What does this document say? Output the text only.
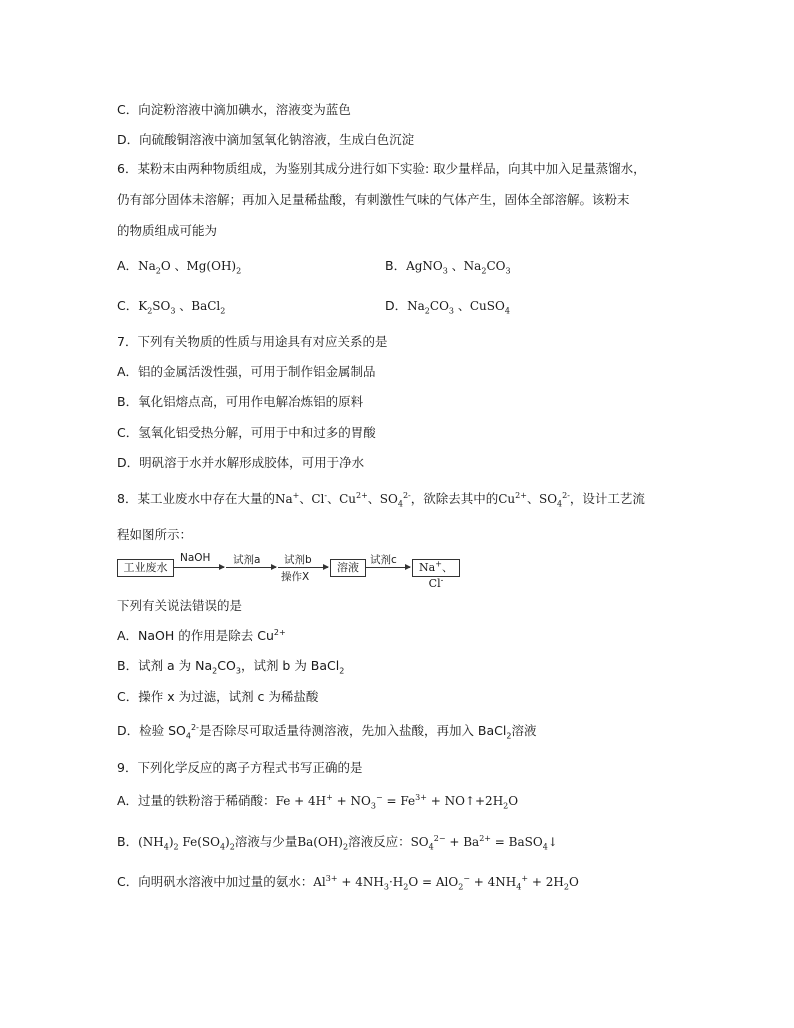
C．向淀粉溶液中滴加碘水，溶液变为蓝色
D．向硫酸铜溶液中滴加氢氧化钠溶液，生成白色沉淀
6．某粉末由两种物质组成，为鉴别其成分进行如下实验: 取少量样品，向其中加入足量蒸馏水，
仍有部分固体未溶解；再加入足量稀盐酸，有刺激性气味的气体产生，固体全部溶解。该粉末
的物质组成可能为
A．$Na_2O$ 、$Mg(OH)_2$	B．AgNO$_3$ 、$Na_2CO_3$
C．$K_2SO_3$ 、BaCl$_2$	D．$Na_2CO_3$ 、CuSO$_4$
7．下列有关物质的性质与用途具有对应关系的是
A．铝的金属活泼性强，可用于制作铝金属制品
B．氧化铝熔点高，可用作电解冶炼铝的原料
C．氢氧化铝受热分解，可用于中和过多的胃酸
D．明矾溶于水并水解形成胶体，可用于净水
8．某工业废水中存在大量的Na+、Cl-、$Cu^{2+}$、$SO_4^{2-}$，欲除去其中的$Cu^{2+}$、$SO_4^{2-}$，设计工艺流
程如图所示：
工业废水
NaOH 试剂a 试剂b
操作X
溶液
试剂c
Na+、Cl-
下列有关说法错误的是
A．NaOH 的作用是除去 $Cu^{2+}$
B．试剂 a 为 $Na_2CO_3$，试剂 b 为 BaCl$_2$
C．操作 x 为过滤，试剂 c 为稀盐酸
D．检验 $SO_4^{2-}$是否除尽可取适量待测溶液，先加入盐酸，再加入 BaCl$_2$溶液
9．下列化学反应的离子方程式书写正确的是
A．过量的铁粉溶于稀硝酸：$Fe + 4H^+ + NO_3^- = Fe^{3+}$ + $NO↑+2H_2O$
B．$(NH_4)_2$ $Fe(SO_4)_2$溶液与少量$Ba(OH)_2$溶液反应：$SO_4^{2-} + Ba^{2+}$ = BaSO$_4$↓
C．向明矾水溶液中加过量的氨水：$Al^{3+} + 4NH_3\cdot H_2O = AlO_2^- + 4NH_4^+ + 2H_2O$
